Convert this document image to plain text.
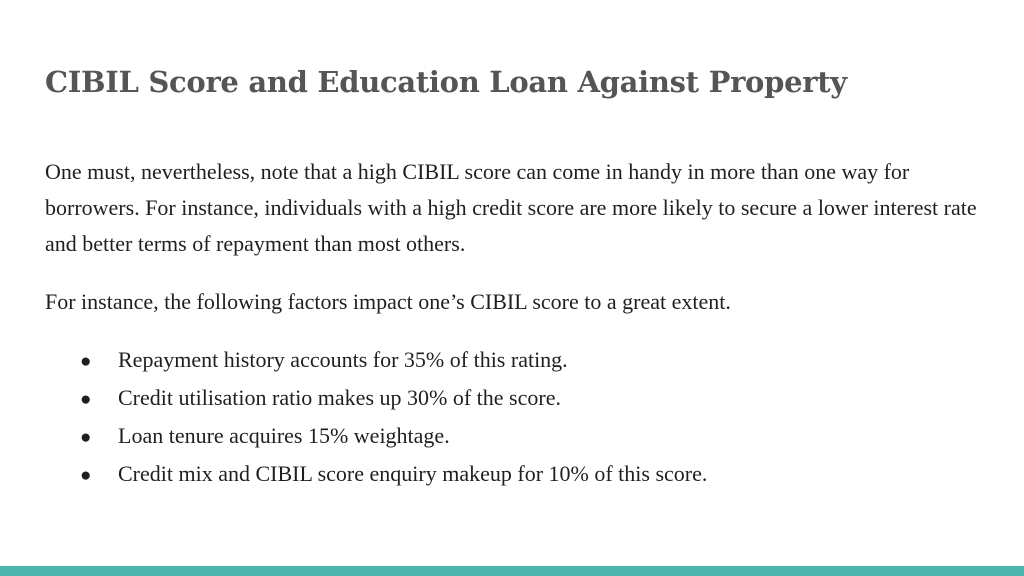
CIBIL Score and Education Loan Against Property

One must, nevertheless, note that a high CIBIL score can come in handy in more than one way for borrowers. For instance, individuals with a high credit score are more likely to secure a lower interest rate and better terms of repayment than most others.

For instance, the following factors impact one’s CIBIL score to a great extent.

●	Repayment history accounts for 35% of this rating.
●	Credit utilisation ratio makes up 30% of the score.
●	Loan tenure acquires 15% weightage.
●	Credit mix and CIBIL score enquiry makeup for 10% of this score.
